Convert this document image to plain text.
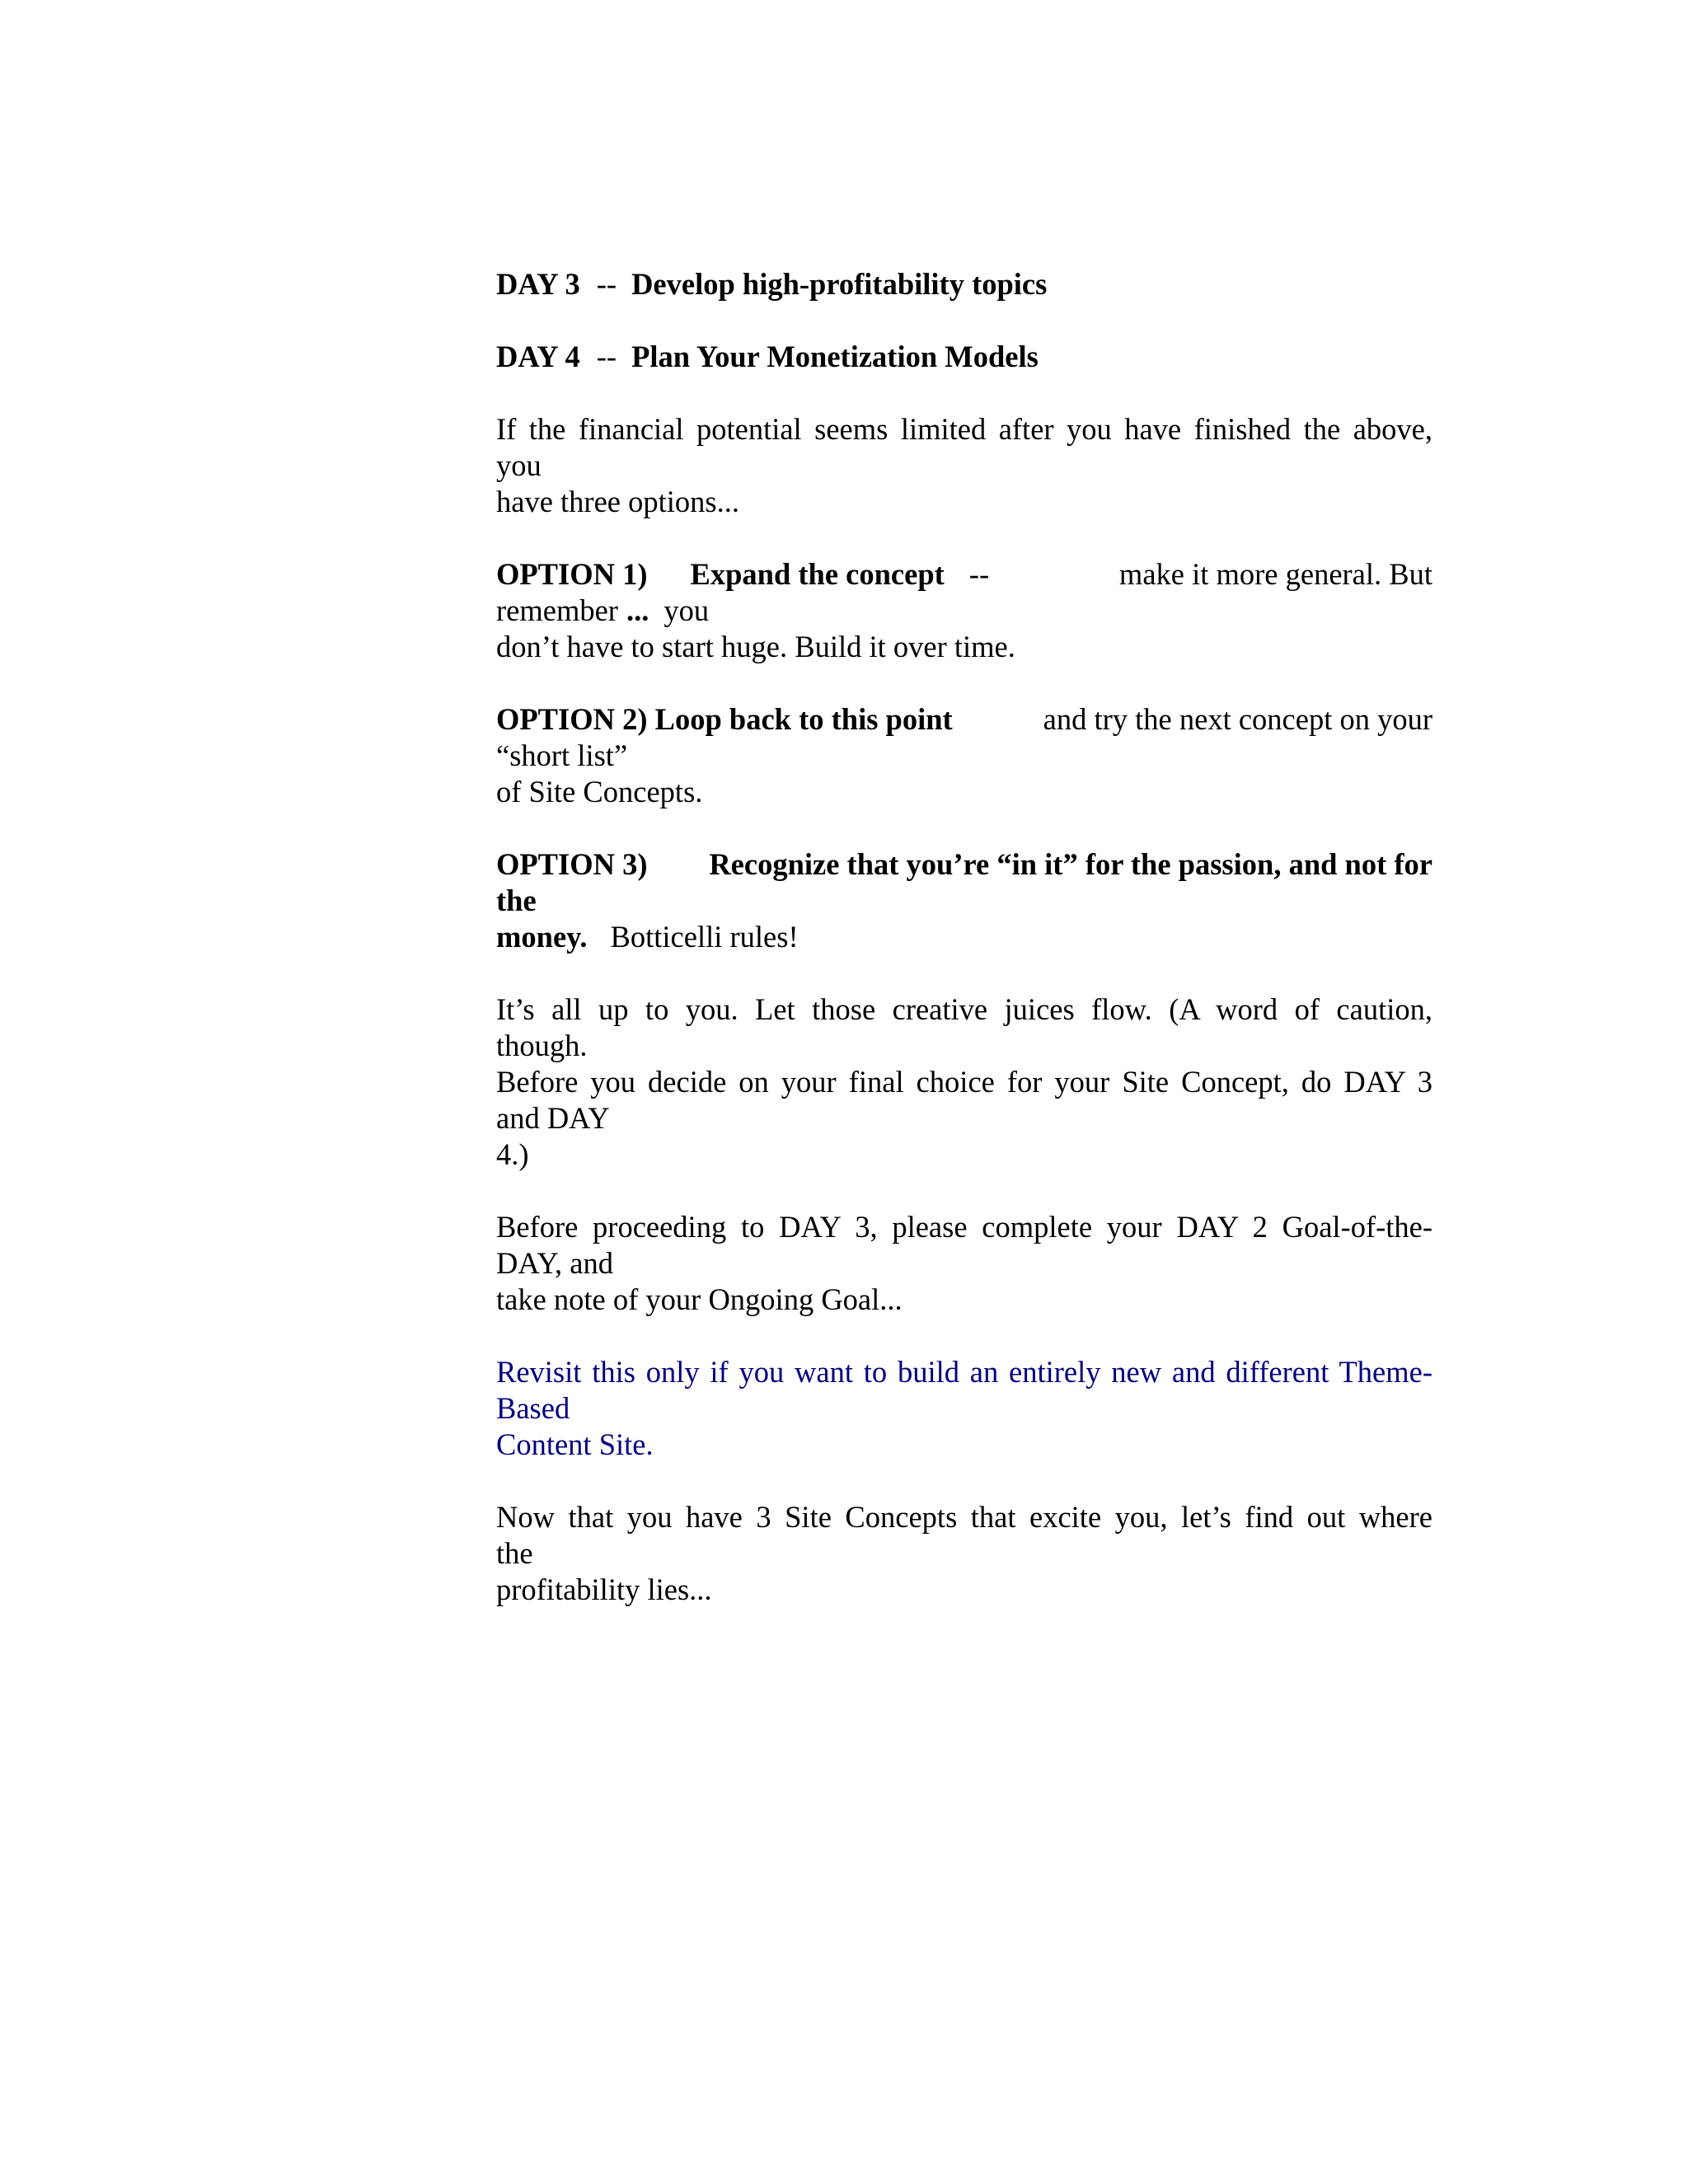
DAY 3 -- Develop high-profitability topics
DAY 4 -- Plan Your Monetization Models
If the financial potential seems limited after you have finished the above,
you
have three options...
OPTION 1) Expand the concept --	make it more general. But
remember ... you
don’t have to start huge. Build it over time.
OPTION 2) Loop back to this point	and try the next concept on your
“short list”
of Site Concepts.
OPTION 3) Recognize that you’re “in it” for the passion, and not for
the
money. Botticelli rules!
It’s all up to you. Let those creative juices flow. (A word of caution,
though.
Before you decide on your final choice for your Site Concept, do DAY 3
and DAY
4.)
Before proceeding to DAY 3, please complete your DAY 2 Goal-of-the-
DAY, and
take note of your Ongoing Goal...
Revisit this only if you want to build an entirely new and different Theme-
Based
Content Site.
Now that you have 3 Site Concepts that excite you, let’s find out where
the
profitability lies...
